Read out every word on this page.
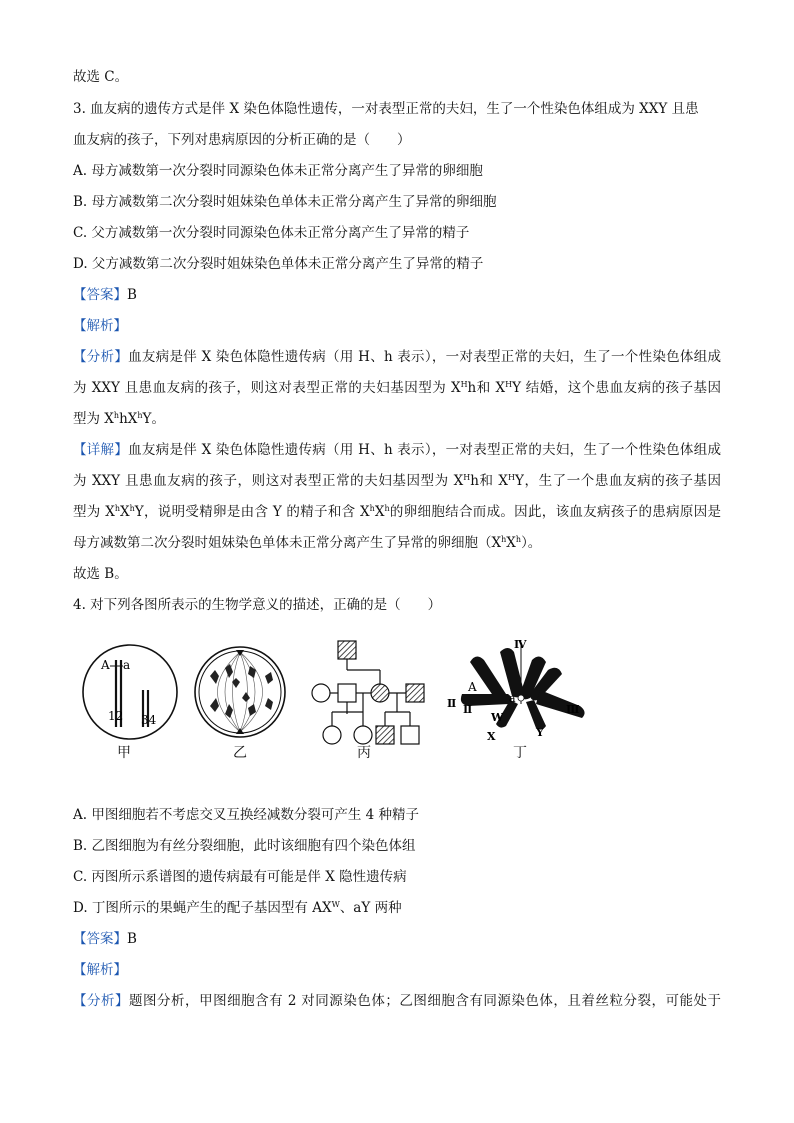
故选 C。
3. 血友病的遗传方式是伴 X 染色体隐性遗传，一对表型正常的夫妇，生了一个性染色体组成为 XXY 且患
血友病的孩子，下列对患病原因的分析正确的是（　　）
A. 母方减数第一次分裂时同源染色体未正常分离产生了异常的卵细胞
B. 母方减数第二次分裂时姐妹染色单体未正常分离产生了异常的卵细胞
C. 父方减数第一次分裂时同源染色体未正常分离产生了异常的精子
D. 父方减数第二次分裂时姐妹染色单体未正常分离产生了异常的精子
【答案】B
【解析】
【分析】血友病是伴 X 染色体隐性遗传病（用 H、h 表示），一对表型正常的夫妇，生了一个性染色体组成
为 XXY 且患血友病的孩子，则这对表型正常的夫妇基因型为 $X^Hh$和 $X^HY$ 结婚，这个患血友病的孩子基因
型为 $X^hhX^hY$。
【详解】血友病是伴 X 染色体隐性遗传病（用 H、h 表示），一对表型正常的夫妇，生了一个性染色体组成
为 XXY 且患血友病的孩子，则这对表型正常的夫妇基因型为 $X^Hh$和 $X^HY$，生了一个患血友病的孩子基因
型为 $X^hX^hY$，说明受精卵是由含 Y 的精子和含 $X^hX^h$的卵细胞结合而成。因此，该血友病孩子的患病原因是
母方减数第二次分裂时姐妹染色单体未正常分离产生了异常的卵细胞$(X^hX^h)$。
故选 B。
4. 对下列各图所表示的生物学意义的描述，正确的是（　　）
A a
12 34
Ⅳ
A
a
Ⅱ Ⅱ	Ⅲ
W
X	Y
甲	乙	丙	丁
A. 甲图细胞若不考虑交叉互换经减数分裂可产生 4 种精子
B. 乙图细胞为有丝分裂细胞，此时该细胞有四个染色体组
C. 丙图所示系谱图的遗传病最有可能是伴 X 隐性遗传病
D. 丁图所示的果蝇产生的配子基因型有 $AX^W$、aY 两种
【答案】B
【解析】
【分析】题图分析，甲图细胞含有 2 对同源染色体；乙图细胞含有同源染色体，且着丝粒分裂，可能处于
